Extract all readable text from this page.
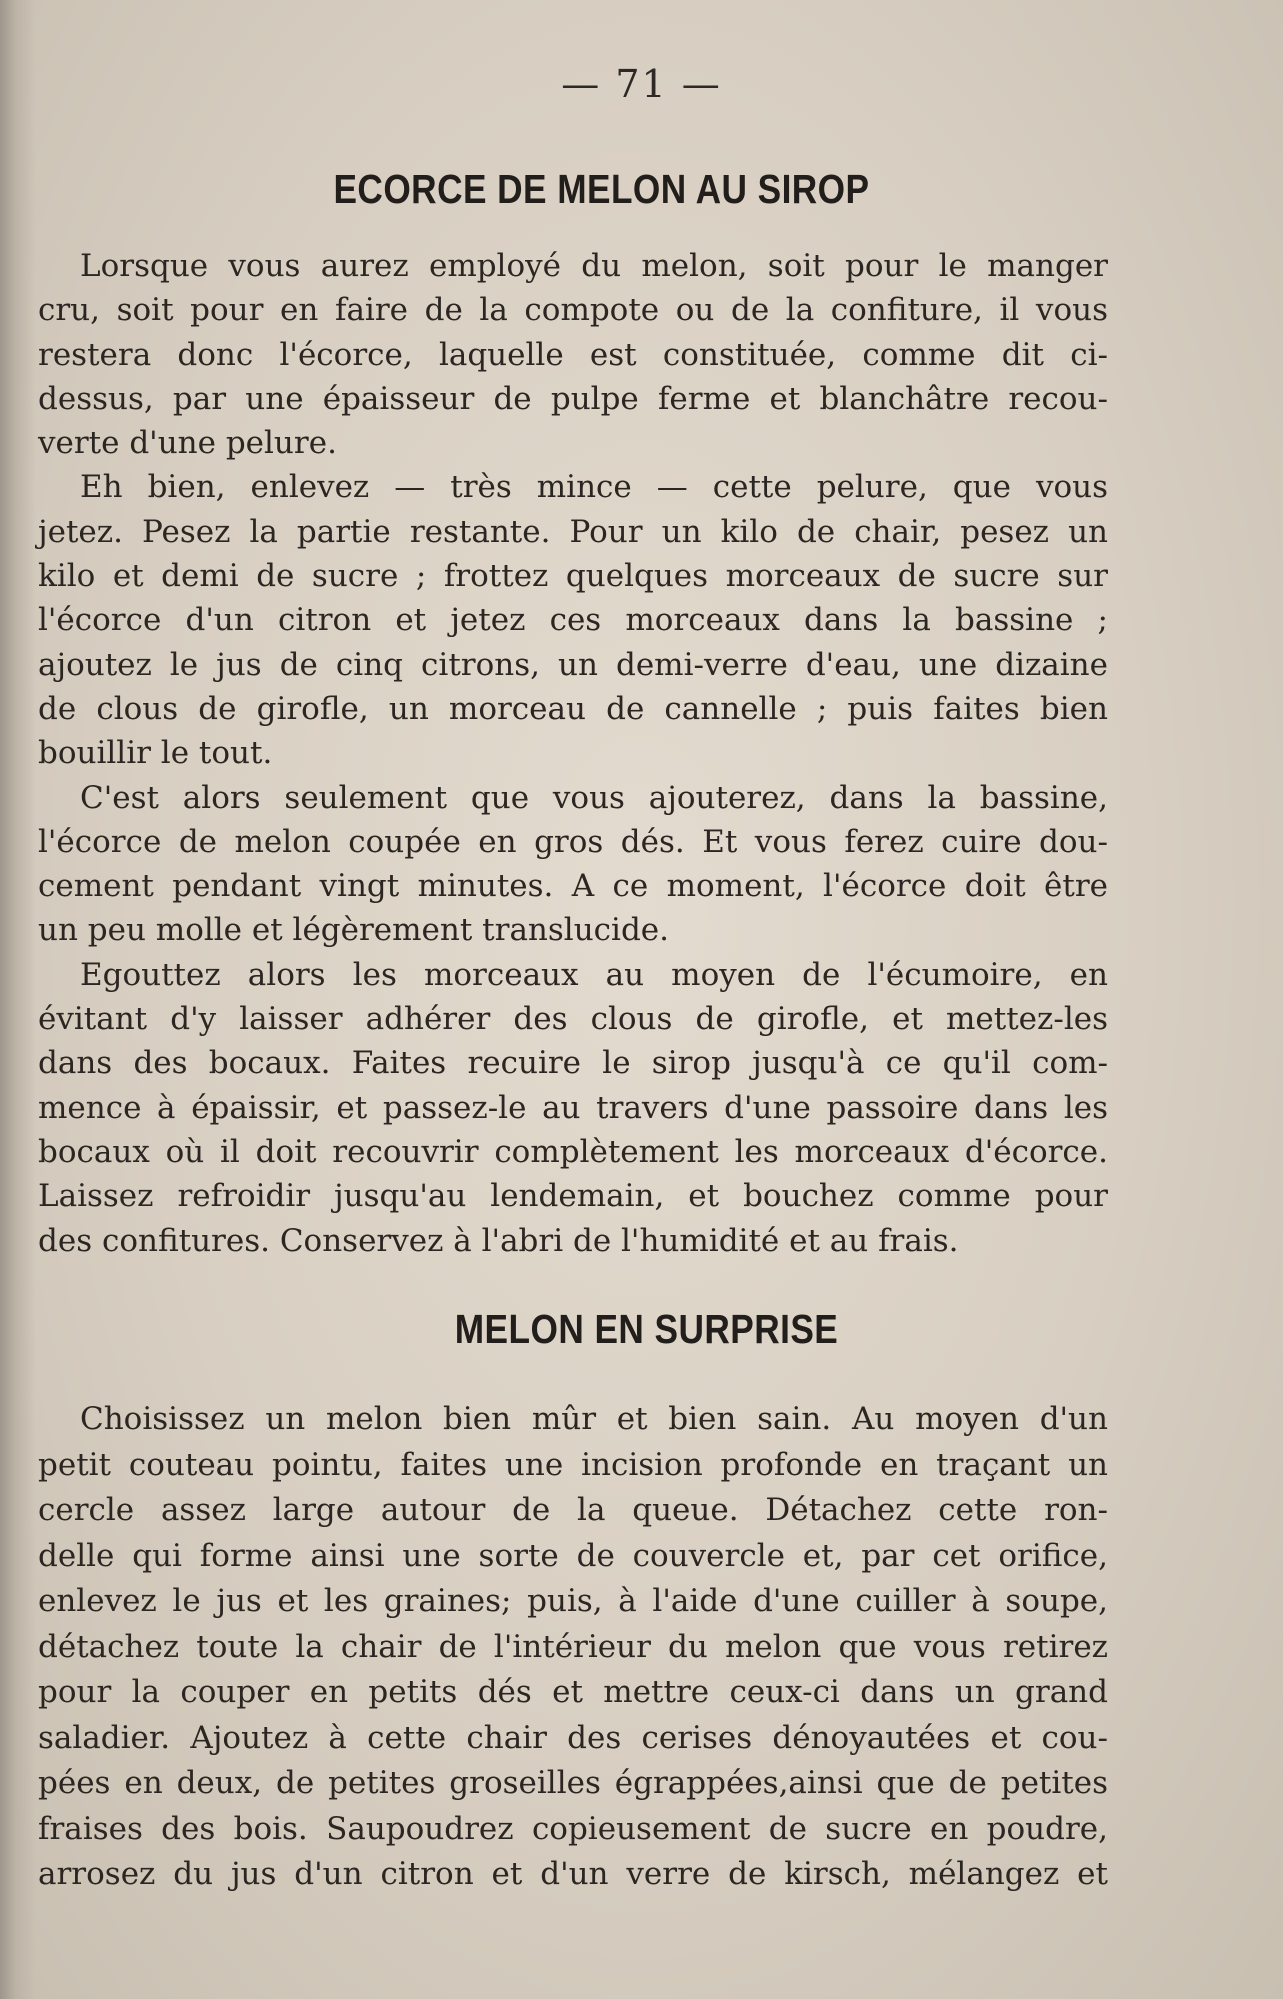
— 71 —
ECORCE DE MELON AU SIROP
Lorsque vous aurez employé du melon, soit pour le manger
cru, soit pour en faire de la compote ou de la confiture, il vous
restera donc l'écorce, laquelle est constituée, comme dit ci-
dessus, par une épaisseur de pulpe ferme et blanchâtre recou-
verte d'une pelure.
Eh bien, enlevez — très mince — cette pelure, que vous
jetez. Pesez la partie restante. Pour un kilo de chair, pesez un
kilo et demi de sucre ; frottez quelques morceaux de sucre sur
l'écorce d'un citron et jetez ces morceaux dans la bassine ;
ajoutez le jus de cinq citrons, un demi-verre d'eau, une dizaine
de clous de girofle, un morceau de cannelle ; puis faites bien
bouillir le tout.
C'est alors seulement que vous ajouterez, dans la bassine,
l'écorce de melon coupée en gros dés. Et vous ferez cuire dou-
cement pendant vingt minutes. A ce moment, l'écorce doit être
un peu molle et légèrement translucide.
Egouttez alors les morceaux au moyen de l'écumoire, en
évitant d'y laisser adhérer des clous de girofle, et mettez-les
dans des bocaux. Faites recuire le sirop jusqu'à ce qu'il com-
mence à épaissir, et passez-le au travers d'une passoire dans les
bocaux où il doit recouvrir complètement les morceaux d'écorce.
Laissez refroidir jusqu'au lendemain, et bouchez comme pour
des confitures. Conservez à l'abri de l'humidité et au frais.
MELON EN SURPRISE
Choisissez un melon bien mûr et bien sain. Au moyen d'un
petit couteau pointu, faites une incision profonde en traçant un
cercle assez large autour de la queue. Détachez cette ron-
delle qui forme ainsi une sorte de couvercle et, par cet orifice,
enlevez le jus et les graines; puis, à l'aide d'une cuiller à soupe,
détachez toute la chair de l'intérieur du melon que vous retirez
pour la couper en petits dés et mettre ceux-ci dans un grand
saladier. Ajoutez à cette chair des cerises dénoyautées et cou-
pées en deux, de petites groseilles égrappées,ainsi que de petites
fraises des bois. Saupoudrez copieusement de sucre en poudre,
arrosez du jus d'un citron et d'un verre de kirsch, mélangez et
